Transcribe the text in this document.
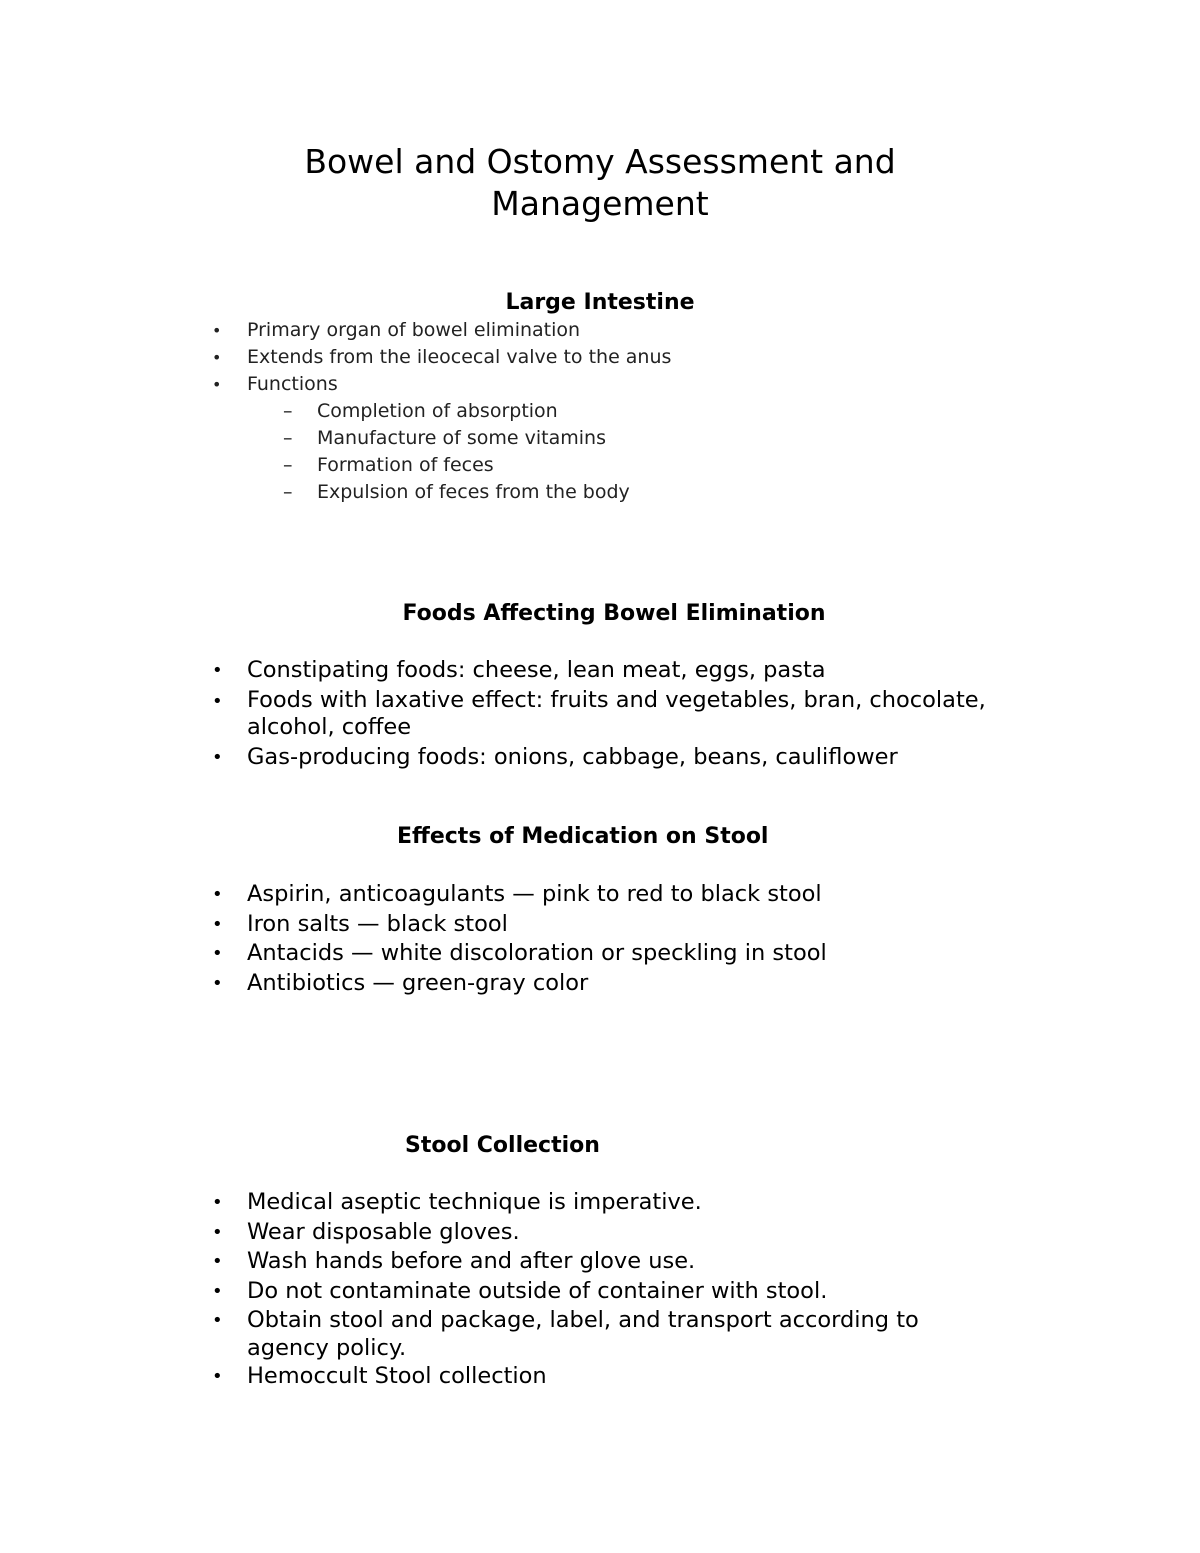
Bowel and Ostomy Assessment and
Management
Large Intestine
• Primary organ of bowel elimination
• Extends from the ileocecal valve to the anus
• Functions
– Completion of absorption
– Manufacture of some vitamins
– Formation of feces
– Expulsion of feces from the body
Foods Affecting Bowel Elimination
• Constipating foods: cheese, lean meat, eggs, pasta
• Foods with laxative effect: fruits and vegetables, bran, chocolate, alcohol, coffee
• Gas-producing foods: onions, cabbage, beans, cauliflower
Effects of Medication on Stool
• Aspirin, anticoagulants — pink to red to black stool
• Iron salts — black stool
• Antacids — white discoloration or speckling in stool
• Antibiotics — green-gray color
Stool Collection
• Medical aseptic technique is imperative.
• Wear disposable gloves.
• Wash hands before and after glove use.
• Do not contaminate outside of container with stool.
• Obtain stool and package, label, and transport according to agency policy.
• Hemoccult Stool collection
